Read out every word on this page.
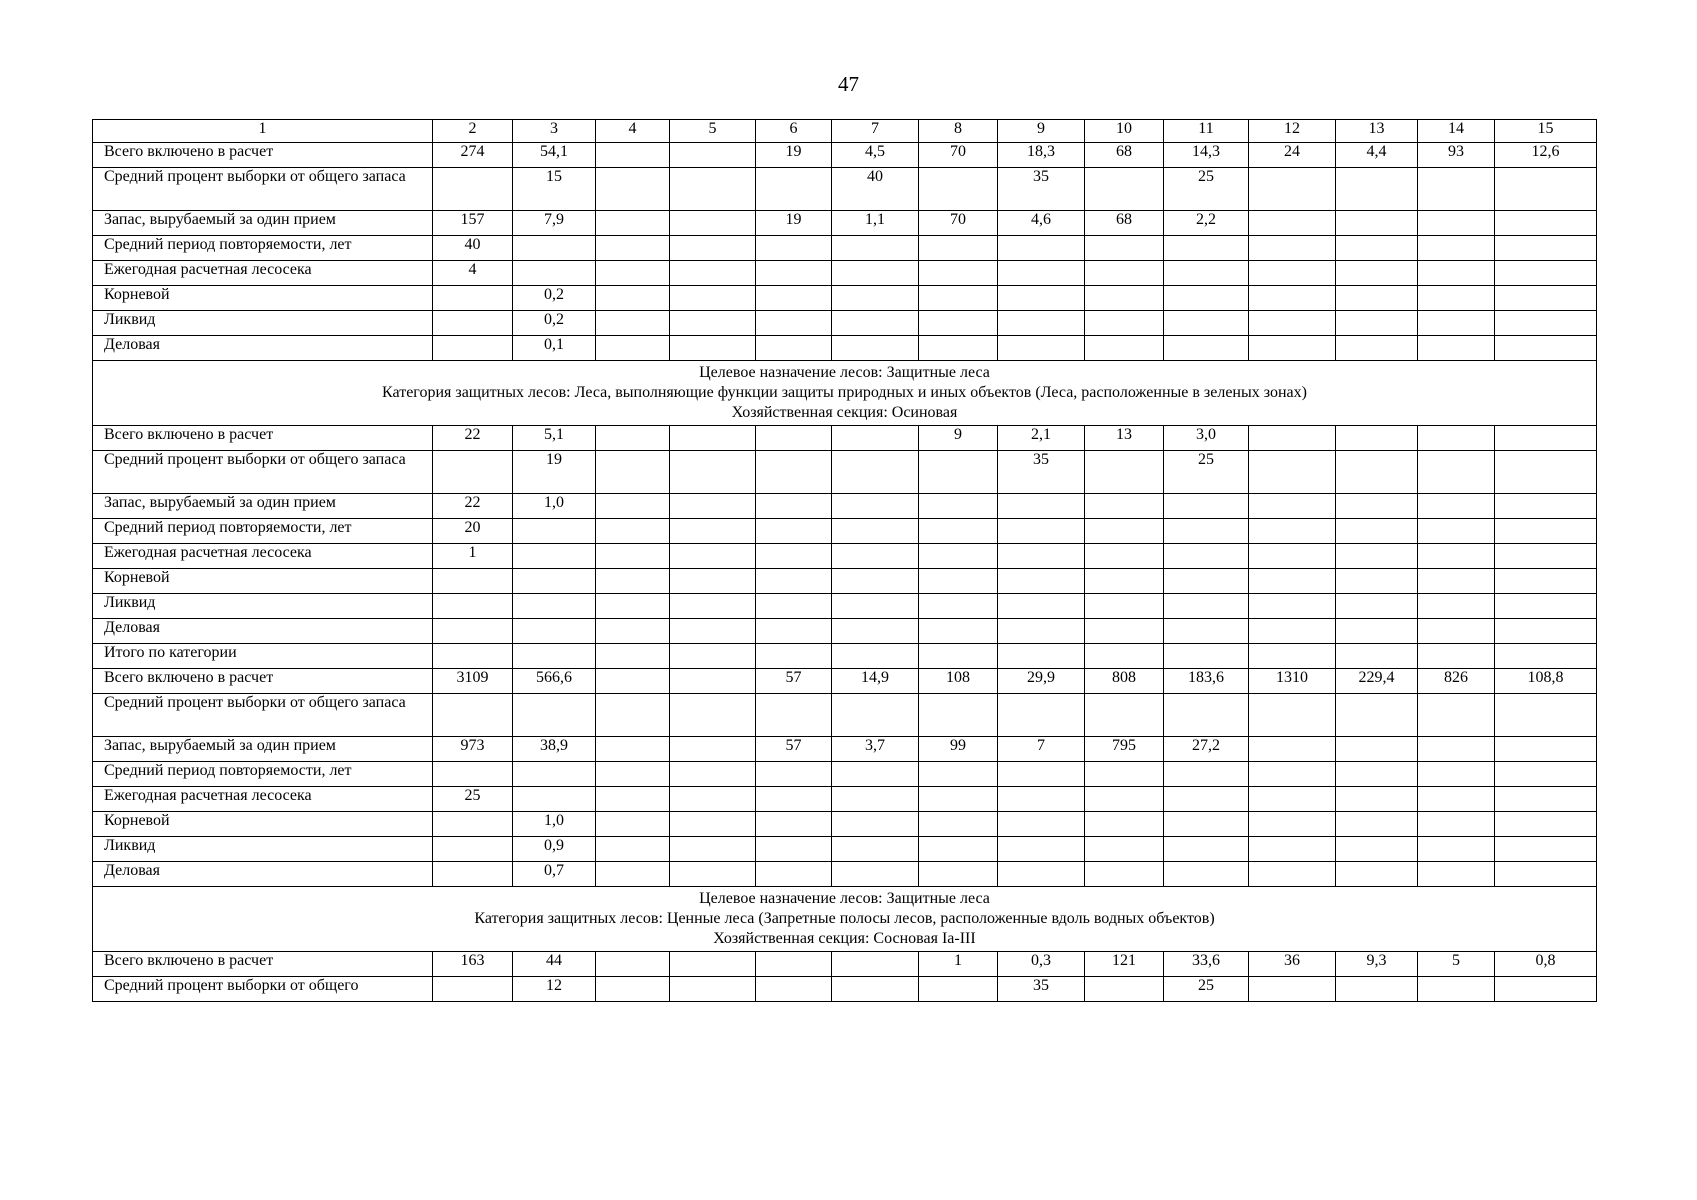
47
1	2	3	4	5	6	7	8	9	10	11	12	13	14	15
Всего включено в расчет	274	54,1			19	4,5	70	18,3	68	14,3	24	4,4	93	12,6
Средний процент выборки от общего запаса		15				40		35		25				
Запас, вырубаемый за один прием	157	7,9			19	1,1	70	4,6	68	2,2				
Средний период повторяемости, лет	40													
Ежегодная расчетная лесосека	4													
Корневой		0,2												
Ликвид		0,2												
Деловая		0,1												

Целевое назначение лесов: Защитные леса
Категория защитных лесов: Леса, выполняющие функции защиты природных и иных объектов (Леса, расположенные в зеленых зонах)
Хозяйственная секция: Осиновая														

Всего включено в расчет	22	5,1					9	2,1	13	3,0				
Средний процент выборки от общего запаса		19						35		25				
Запас, вырубаемый за один прием	22	1,0												
Средний период повторяемости, лет	20													
Ежегодная расчетная лесосека	1													
Корневой														
Ликвид														
Деловая														
Итого по категории														
Всего включено в расчет	3109	566,6			57	14,9	108	29,9	808	183,6	1310	229,4	826	108,8
Средний процент выборки от общего запаса														
Запас, вырубаемый за один прием	973	38,9			57	3,7	99	7	795	27,2				
Средний период повторяемости, лет														
Ежегодная расчетная лесосека	25													
Корневой		1,0												
Ликвид		0,9												
Деловая		0,7												

Целевое назначение лесов: Защитные леса
Категория защитных лесов: Ценные леса (Запретные полосы лесов, расположенные вдоль водных объектов)
Хозяйственная секция: Сосновая Iа-III														

Всего включено в расчет	163	44					1	0,3	121	33,6	36	9,3	5	0,8
Средний процент выборки от общего		12						35		25				
